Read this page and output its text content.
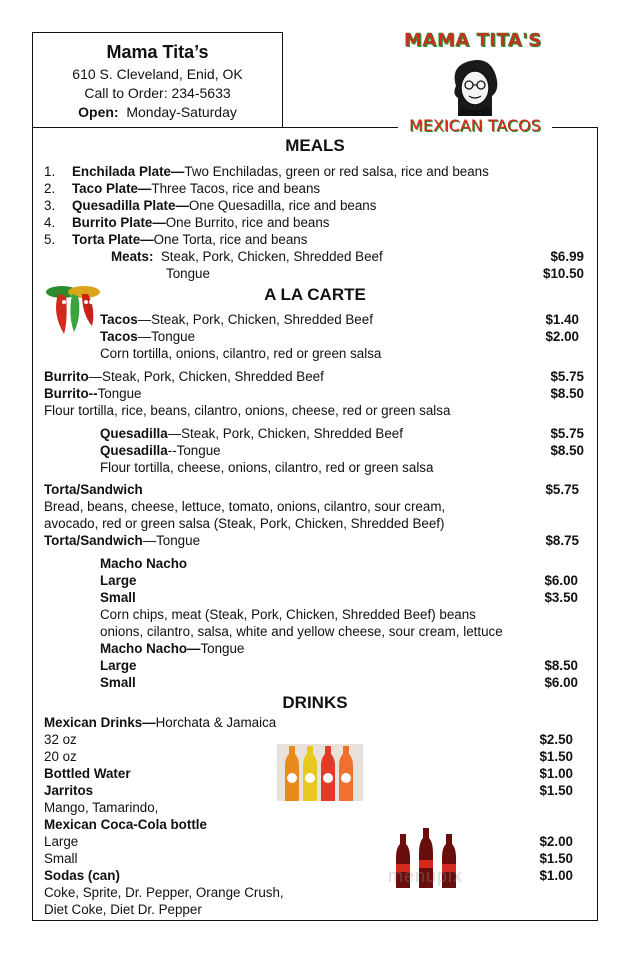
Mama Tita’s
610 S. Cleveland, Enid, OK
Call to Order: 234-5633
Open: Monday-Saturday
MAMA TITA'S
MEXICAN TACOS
MEALS
1. Enchilada Plate—Two Enchiladas, green or red salsa, rice and beans
2. Taco Plate—Three Tacos, rice and beans
3. Quesadilla Plate—One Quesadilla, rice and beans
4. Burrito Plate—One Burrito, rice and beans
5. Torta Plate—One Torta, rice and beans
Meats: Steak, Pork, Chicken, Shredded Beef	$6.99
Tongue	$10.50
A LA CARTE
Tacos—Steak, Pork, Chicken, Shredded Beef	$1.40
Tacos—Tongue	$2.00
Corn tortilla, onions, cilantro, red or green salsa
Burrito—Steak, Pork, Chicken, Shredded Beef	$5.75
Burrito--Tongue	$8.50
Flour tortilla, rice, beans, cilantro, onions, cheese, red or green salsa
Quesadilla—Steak, Pork, Chicken, Shredded Beef	$5.75
Quesadilla--Tongue	$8.50
Flour tortilla, cheese, onions, cilantro, red or green salsa
Torta/Sandwich	$5.75
Bread, beans, cheese, lettuce, tomato, onions, cilantro, sour cream,
avocado, red or green salsa (Steak, Pork, Chicken, Shredded Beef)
Torta/Sandwich—Tongue	$8.75
Macho Nacho
Large	$6.00
Small	$3.50
Corn chips, meat (Steak, Pork, Chicken, Shredded Beef) beans
onions, cilantro, salsa, white and yellow cheese, sour cream, lettuce
Macho Nacho—Tongue
Large	$8.50
Small	$6.00
DRINKS
Mexican Drinks—Horchata & Jamaica
32 oz	$2.50
20 oz	$1.50
Bottled Water	$1.00
Jarritos	$1.50
Mango, Tamarindo,
Mexican Coca-Cola bottle
Large	$2.00
Small	$1.50
Sodas (can)	$1.00
Coke, Sprite, Dr. Pepper, Orange Crush,
Diet Coke, Diet Dr. Pepper
menupix
